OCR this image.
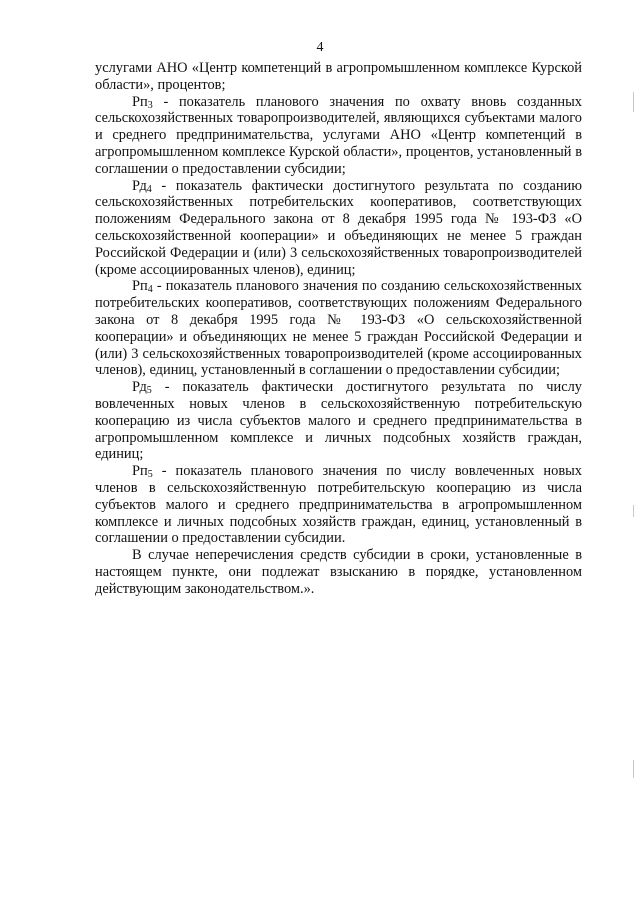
4

услугами АНО «Центр компетенций в агропромышленном комплексе Курской области», процентов;

$Рп_3$ - показатель планового значения по охвату вновь созданных сельскохозяйственных товаропроизводителей, являющихся субъектами малого и среднего предпринимательства, услугами АНО «Центр компетенций в агропромышленном комплексе Курской области», процентов, установленный в соглашении о предоставлении субсидии;

$Рд_4$ - показатель фактически достигнутого результата по созданию сельскохозяйственных потребительских кооперативов, соответствующих положениям Федерального закона от 8 декабря 1995 года № 193-ФЗ «О сельскохозяйственной кооперации» и объединяющих не менее 5 граждан Российской Федерации и (или) 3 сельскохозяйственных товаропроизводителей (кроме ассоциированных членов), единиц;

$Рп_4$ - показатель планового значения по созданию сельскохозяйственных потребительских кооперативов, соответствующих положениям Федерального закона от 8 декабря 1995 года № 193-ФЗ «О сельскохозяйственной кооперации» и объединяющих не менее 5 граждан Российской Федерации и (или) 3 сельскохозяйственных товаропроизводителей (кроме ассоциированных членов), единиц, установленный в соглашении о предоставлении субсидии;

$Рд_5$ - показатель фактически достигнутого результата по числу вовлеченных новых членов в сельскохозяйственную потребительскую кооперацию из числа субъектов малого и среднего предпринимательства в агропромышленном комплексе и личных подсобных хозяйств граждан, единиц;

$Рп_5$ - показатель планового значения по числу вовлеченных новых членов в сельскохозяйственную потребительскую кооперацию из числа субъектов малого и среднего предпринимательства в агропромышленном комплексе и личных подсобных хозяйств граждан, единиц, установленный в соглашении о предоставлении субсидии.

В случае неперечисления средств субсидии в сроки, установленные в настоящем пункте, они подлежат взысканию в порядке, установленном действующим законодательством.».
